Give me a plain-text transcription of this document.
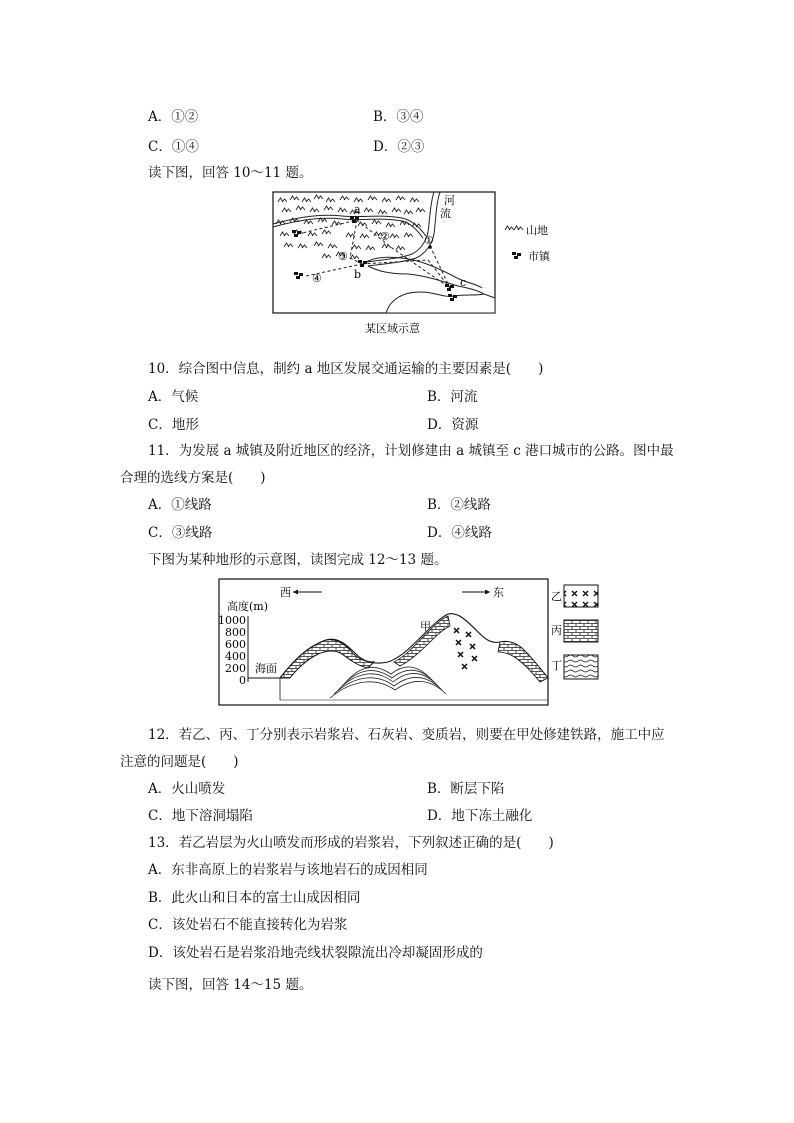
A．①②	B．③④
C．①④	D．②③
读下图，回答 10～11 题。
a
b
c
②	①
③
④
河
流
山地
市镇
某区域示意
10．综合图中信息，制约 a 地区发展交通运输的主要因素是(　　)
A．气候	B．河流
C．地形	D．资源
11．为发展 a 城镇及附近地区的经济，计划修建由 a 城镇至 c 港口城市的公路。图中最
合理的选线方案是(　　)
A．①线路	B．②线路
C．③线路	D．④线路
下图为某种地形的示意图，读图完成 12～13 题。
西	东
高度(m)
1000
800
600
400
200
0
海面
甲
乙
丙
丁
12．若乙、丙、丁分别表示岩浆岩、石灰岩、变质岩，则要在甲处修建铁路，施工中应
注意的问题是(　　)
A．火山喷发	B．断层下陷
C．地下溶洞塌陷	D．地下冻土融化
13．若乙岩层为火山喷发而形成的岩浆岩，下列叙述正确的是(　　)
A．东非高原上的岩浆岩与该地岩石的成因相同
B．此火山和日本的富士山成因相同
C．该处岩石不能直接转化为岩浆
D．该处岩石是岩浆沿地壳线状裂隙流出冷却凝固形成的
读下图，回答 14～15 题。
